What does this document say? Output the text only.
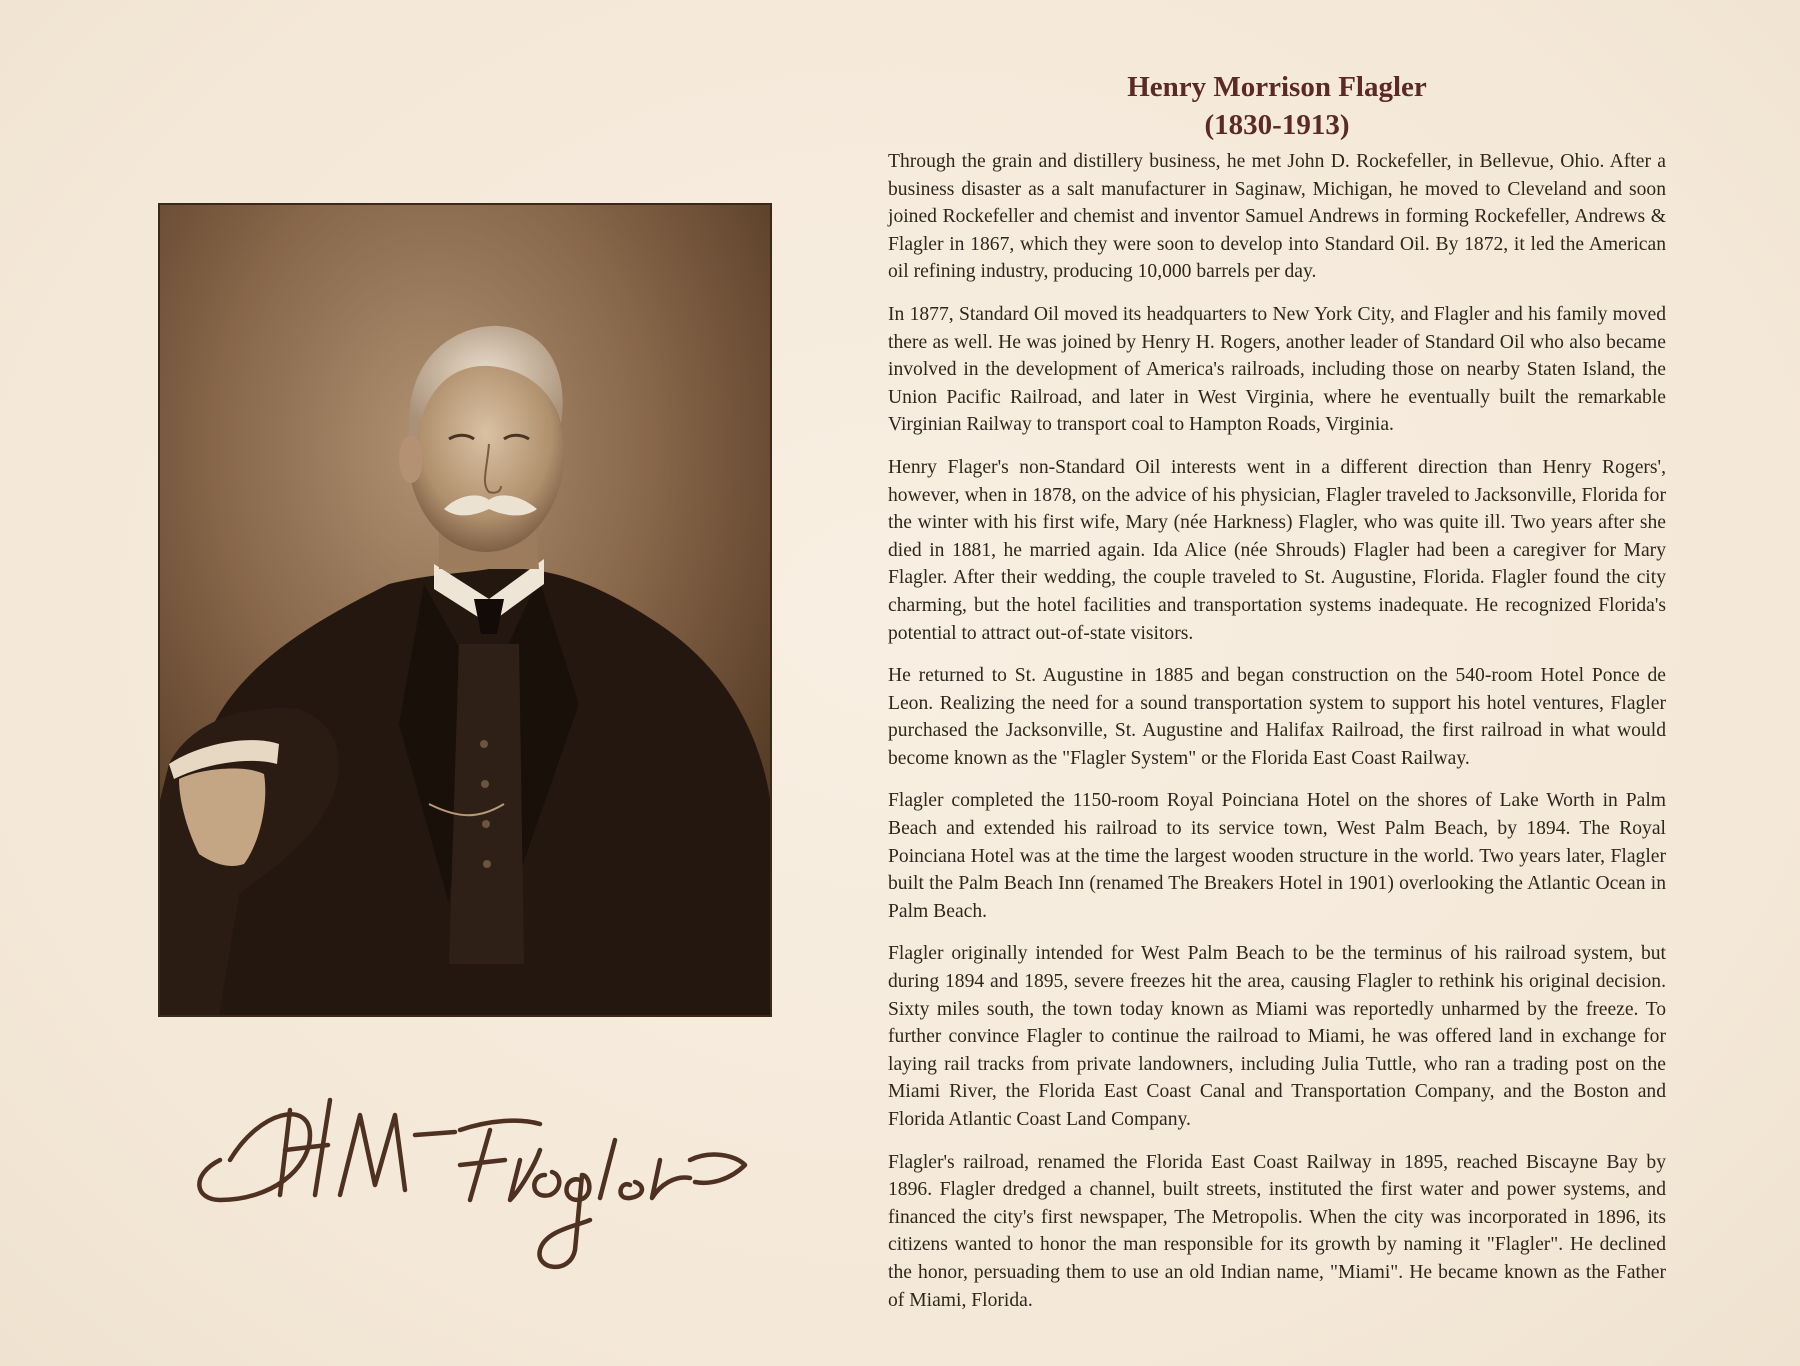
Henry Morrison Flagler
(1830-1913)

Through the grain and distillery business, he met John D. Rockefeller, in Bellevue, Ohio. After a business disaster as a salt manufacturer in Saginaw, Michigan, he moved to Cleveland and soon joined Rockefeller and chemist and inventor Samuel Andrews in forming Rockefeller, Andrews & Flagler in 1867, which they were soon to develop into Standard Oil. By 1872, it led the American oil refining industry, producing 10,000 barrels per day.

In 1877, Standard Oil moved its headquarters to New York City, and Flagler and his family moved there as well. He was joined by Henry H. Rogers, another leader of Standard Oil who also became involved in the development of America's railroads, including those on nearby Staten Island, the Union Pacific Railroad, and later in West Virginia, where he eventually built the remarkable Virginian Railway to transport coal to Hampton Roads, Virginia.

Henry Flager's non-Standard Oil interests went in a different direction than Henry Rogers', however, when in 1878, on the advice of his physician, Flagler traveled to Jacksonville, Florida for the winter with his first wife, Mary (née Harkness) Flagler, who was quite ill. Two years after she died in 1881, he married again. Ida Alice (née Shrouds) Flagler had been a caregiver for Mary Flagler. After their wedding, the couple traveled to St. Augustine, Florida. Flagler found the city charming, but the hotel facilities and transportation systems inadequate. He recognized Florida's potential to attract out-of-state visitors.

He returned to St. Augustine in 1885 and began construction on the 540-room Hotel Ponce de Leon. Realizing the need for a sound transportation system to support his hotel ventures, Flagler purchased the Jacksonville, St. Augustine and Halifax Railroad, the first railroad in what would become known as the "Flagler System" or the Florida East Coast Railway.

Flagler completed the 1150-room Royal Poinciana Hotel on the shores of Lake Worth in Palm Beach and extended his railroad to its service town, West Palm Beach, by 1894. The Royal Poinciana Hotel was at the time the largest wooden structure in the world. Two years later, Flagler built the Palm Beach Inn (renamed The Breakers Hotel in 1901) overlooking the Atlantic Ocean in Palm Beach.

Flagler originally intended for West Palm Beach to be the terminus of his railroad system, but during 1894 and 1895, severe freezes hit the area, causing Flagler to rethink his original decision. Sixty miles south, the town today known as Miami was reportedly unharmed by the freeze. To further convince Flagler to continue the railroad to Miami, he was offered land in exchange for laying rail tracks from private landowners, including Julia Tuttle, who ran a trading post on the Miami River, the Florida East Coast Canal and Transportation Company, and the Boston and Florida Atlantic Coast Land Company.

Flagler's railroad, renamed the Florida East Coast Railway in 1895, reached Biscayne Bay by 1896. Flagler dredged a channel, built streets, instituted the first water and power systems, and financed the city's first newspaper, The Metropolis. When the city was incorporated in 1896, its citizens wanted to honor the man responsible for its growth by naming it "Flagler". He declined the honor, persuading them to use an old Indian name, "Miami". He became known as the Father of Miami, Florida.
